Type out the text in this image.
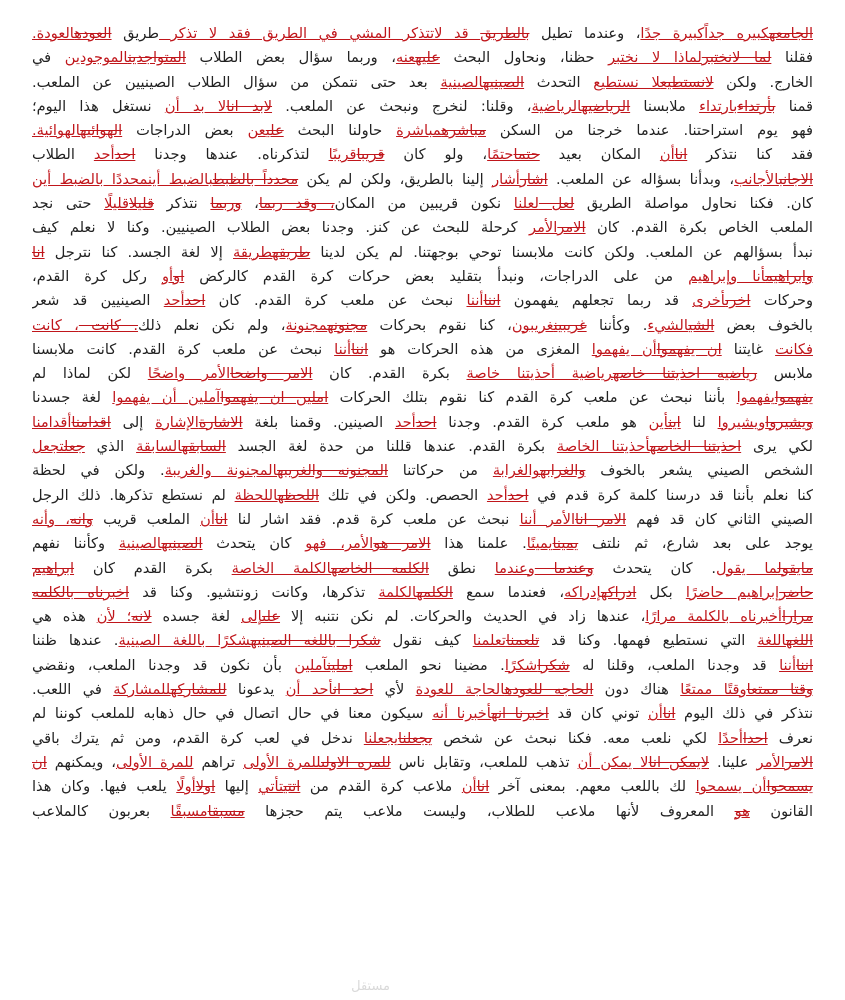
الجامعهكبيره جداًكبيرة جدًا، وعندما تطيل بالطريق قد لاتتذكر المشي في الطريق فقد لا تذكر طريق العودهالعودة.
فقلنا لما لانختبرلماذا لا نختبر حظنا، ونحاول البحث عليهعنه، وربما سؤال بعض الطلاب المتواجدينالموجودين في
الخارج. ولكن لانستطيعلا نستطيع التحدث الصينيهالصينية بعد حتى نتمكن من سؤال الطلاب الصينيين عن الملعب.
قمنا بأرتداءبارتداء ملابسنا الرياضيهالرياضية، وقلنا: لنخرج ونبحث عن الملعب. لابد انالا بد أن نستغل هذا اليوم؛
فهو يوم استراحتنا. عندما خرجنا من السكن مباشرهمباشرة حاولنا البحث عليعن بعض الدراجات الهوائيهالهوائية.
فقد كنا نتذكر اناأن المكان بعيد حتماحتمًا، ولو كان قريباقريبًا لتذكرناه. عندها وجدنا احدأحد الطلاب
الاجانبالأجانب، وبدأنا بسؤاله عن الملعب. اشارأشار إلينا بالطريق، ولكن لم يكن محدداً بالظبطبالضبط أينمحددًا بالضبط أين
كان. فكنا نحاول مواصلة الطريق لعل لعلنا نكون قريبين من المكان، وقد ربما، وربما نتذكر قليلاقليلًا حتى نجد
الملعب الخاص بكرة القدم. كان الامرالأمر كرحلة للبحث عن كنز. وجدنا بعض الطلاب الصينيين. وكنا لا نعلم كيف
نبدأ بسؤالهم عن الملعب. ولكن كانت ملابسنا توحي بوجهتنا. لم يكن لدينا طريقهطريقة إلا لغة الجسد. كنا نترجل انا
وابراهيمأنا وإبراهيم من على الدراجات، ونبدأ بتقليد بعض حركات كرة القدم كالركض اوأو ركل كرة القدم،
وحركات اخرىأخرى قد ربما تجعلهم يفهمون انناأننا نبحث عن ملعب كرة القدم. كان احدأحد الصينيين قد شعر
بالخوف بعض الشيالشيء. وكأننا غريبينغريبون، كنا نقوم بحركات مجنونهمجنونة، ولم نكن نعلم ذلك. كانت ، كانت
فكانت غايتنا ان يفهمواأن يفهموا المغزى من هذه الحركات هو انناأننا نبحث عن ملعب كرة القدم. كانت ملابسنا
ملابس رياضيه احذيتنا خاصهرياضية أحذيتنا خاصة بكرة القدم. كان الامر واضحاالأمر واضحًا لكن لماذا لم
يفهموايفهموا بأننا نبحث عن ملعب كرة القدم كنا نقوم بتلك الحركات املين ان يفهمواآملين أن يفهموا لغة جسدنا
ويشيرواويشيروا لنا اينأين هو ملعب كرة القدم. وجدنا احدأحد الصينين. وقمنا بلغة الاشارةالإشارة إلى اقدامناأقدامنا
لكي يرى احذيتنا الخاصهأحذيتنا الخاصة بكرة القدم. عندها قللنا من حدة لغة الجسد السابقهالسابقة الذي جعلتجعل
الشخص الصيني يشعر بالخوف والغرابهوالغرابة من حركاتنا المجنونه والغريبهالمجنونة والغريبة. ولكن في لحظة
كنا نعلم بأننا قد درسنا كلمة كرة قدم في احدأحد الحصص. ولكن في تلك اللحظهاللحظة لم نستطع تذكرها. ذلك الرجل
الصيني الثاني كان قد فهم الامر اناالأمر أننا نبحث عن ملعب كرة قدم. فقد اشار لنا اناأن الملعب قريب وانه، وأنه
يوجد على بعد شارع، ثم نلتف يمينايمينًا. علمنا هذا الامر هوالأمر، فهو كان يتحدث الصينيهالصينية وكأننا نفهم
مايقولما يقول. كان يتحدث وعندما وعندما نطق الكلمه الخاصهالكلمة الخاصة بكرة القدم كان ابراهيم
حاضرإبراهيم حاضرًا بكل ادراكهإدراكه، فعندما سمع الكلمهالكلمة تذكرها، وكانت زونتشيو. وكنا قد اخبرناه بالكلمه
مراراأخبرناه بالكلمة مرارًا، عندها زاد في الحديث والحركات. لم نكن نتنبه إلا علىإلى لغة جسده لانه؛ لأن هذه هي
اللغهاللغة التي نستطيع فهمها. وكنا قد تلعمناتعلمنا كيف نقول شكرا باللغه الصينيهشكرًا باللغة الصينية. عندها ظننا
انناأننا قد وجدنا الملعب، وقلنا له شكراشكرًا. مضينا نحو الملعب املينآملين بأن نكون قد وجدنا الملعب، ونقضي
وقتا ممتعاوقتًا ممتعًا هناك دون الحاجه للعودهالحاجة للعودة لأي احد انأحد أن يدعونا للمشاركهللمشاركة في اللعب.
نتذكر في ذلك اليوم اناأن توني كان قد اخبرنا انهأخبرنا أنه سيكون معنا في حال اتصال في حال ذهابه للملعب كوننا لم
نعرف احداأحدًا لكي نلعب معه. فكنا نبحث عن شخص يجعلنايجعلنا ندخل في لعب كرة القدم، ومن ثم يترك باقي
الامرالأمر علينا. لايمكن انالا يمكن أن تذهب للملعب، وتقابل ناس للمره الاولىللمرة الأولى تراهم للمرة الأولى، ويمكنهم ان
يسمحواأن يسمحوا لك باللعب معهم. بمعنى آخر اناأن ملاعب كرة القدم من اتتيتأتي إليها اولاأولًا يلعب فيها. وكان هذا
القانون هو المعروف لأنها ملاعب للطلاب، وليست ملاعب يتم حجزها مسبقامسبقًا بعربون كالملاعب
مستقل
